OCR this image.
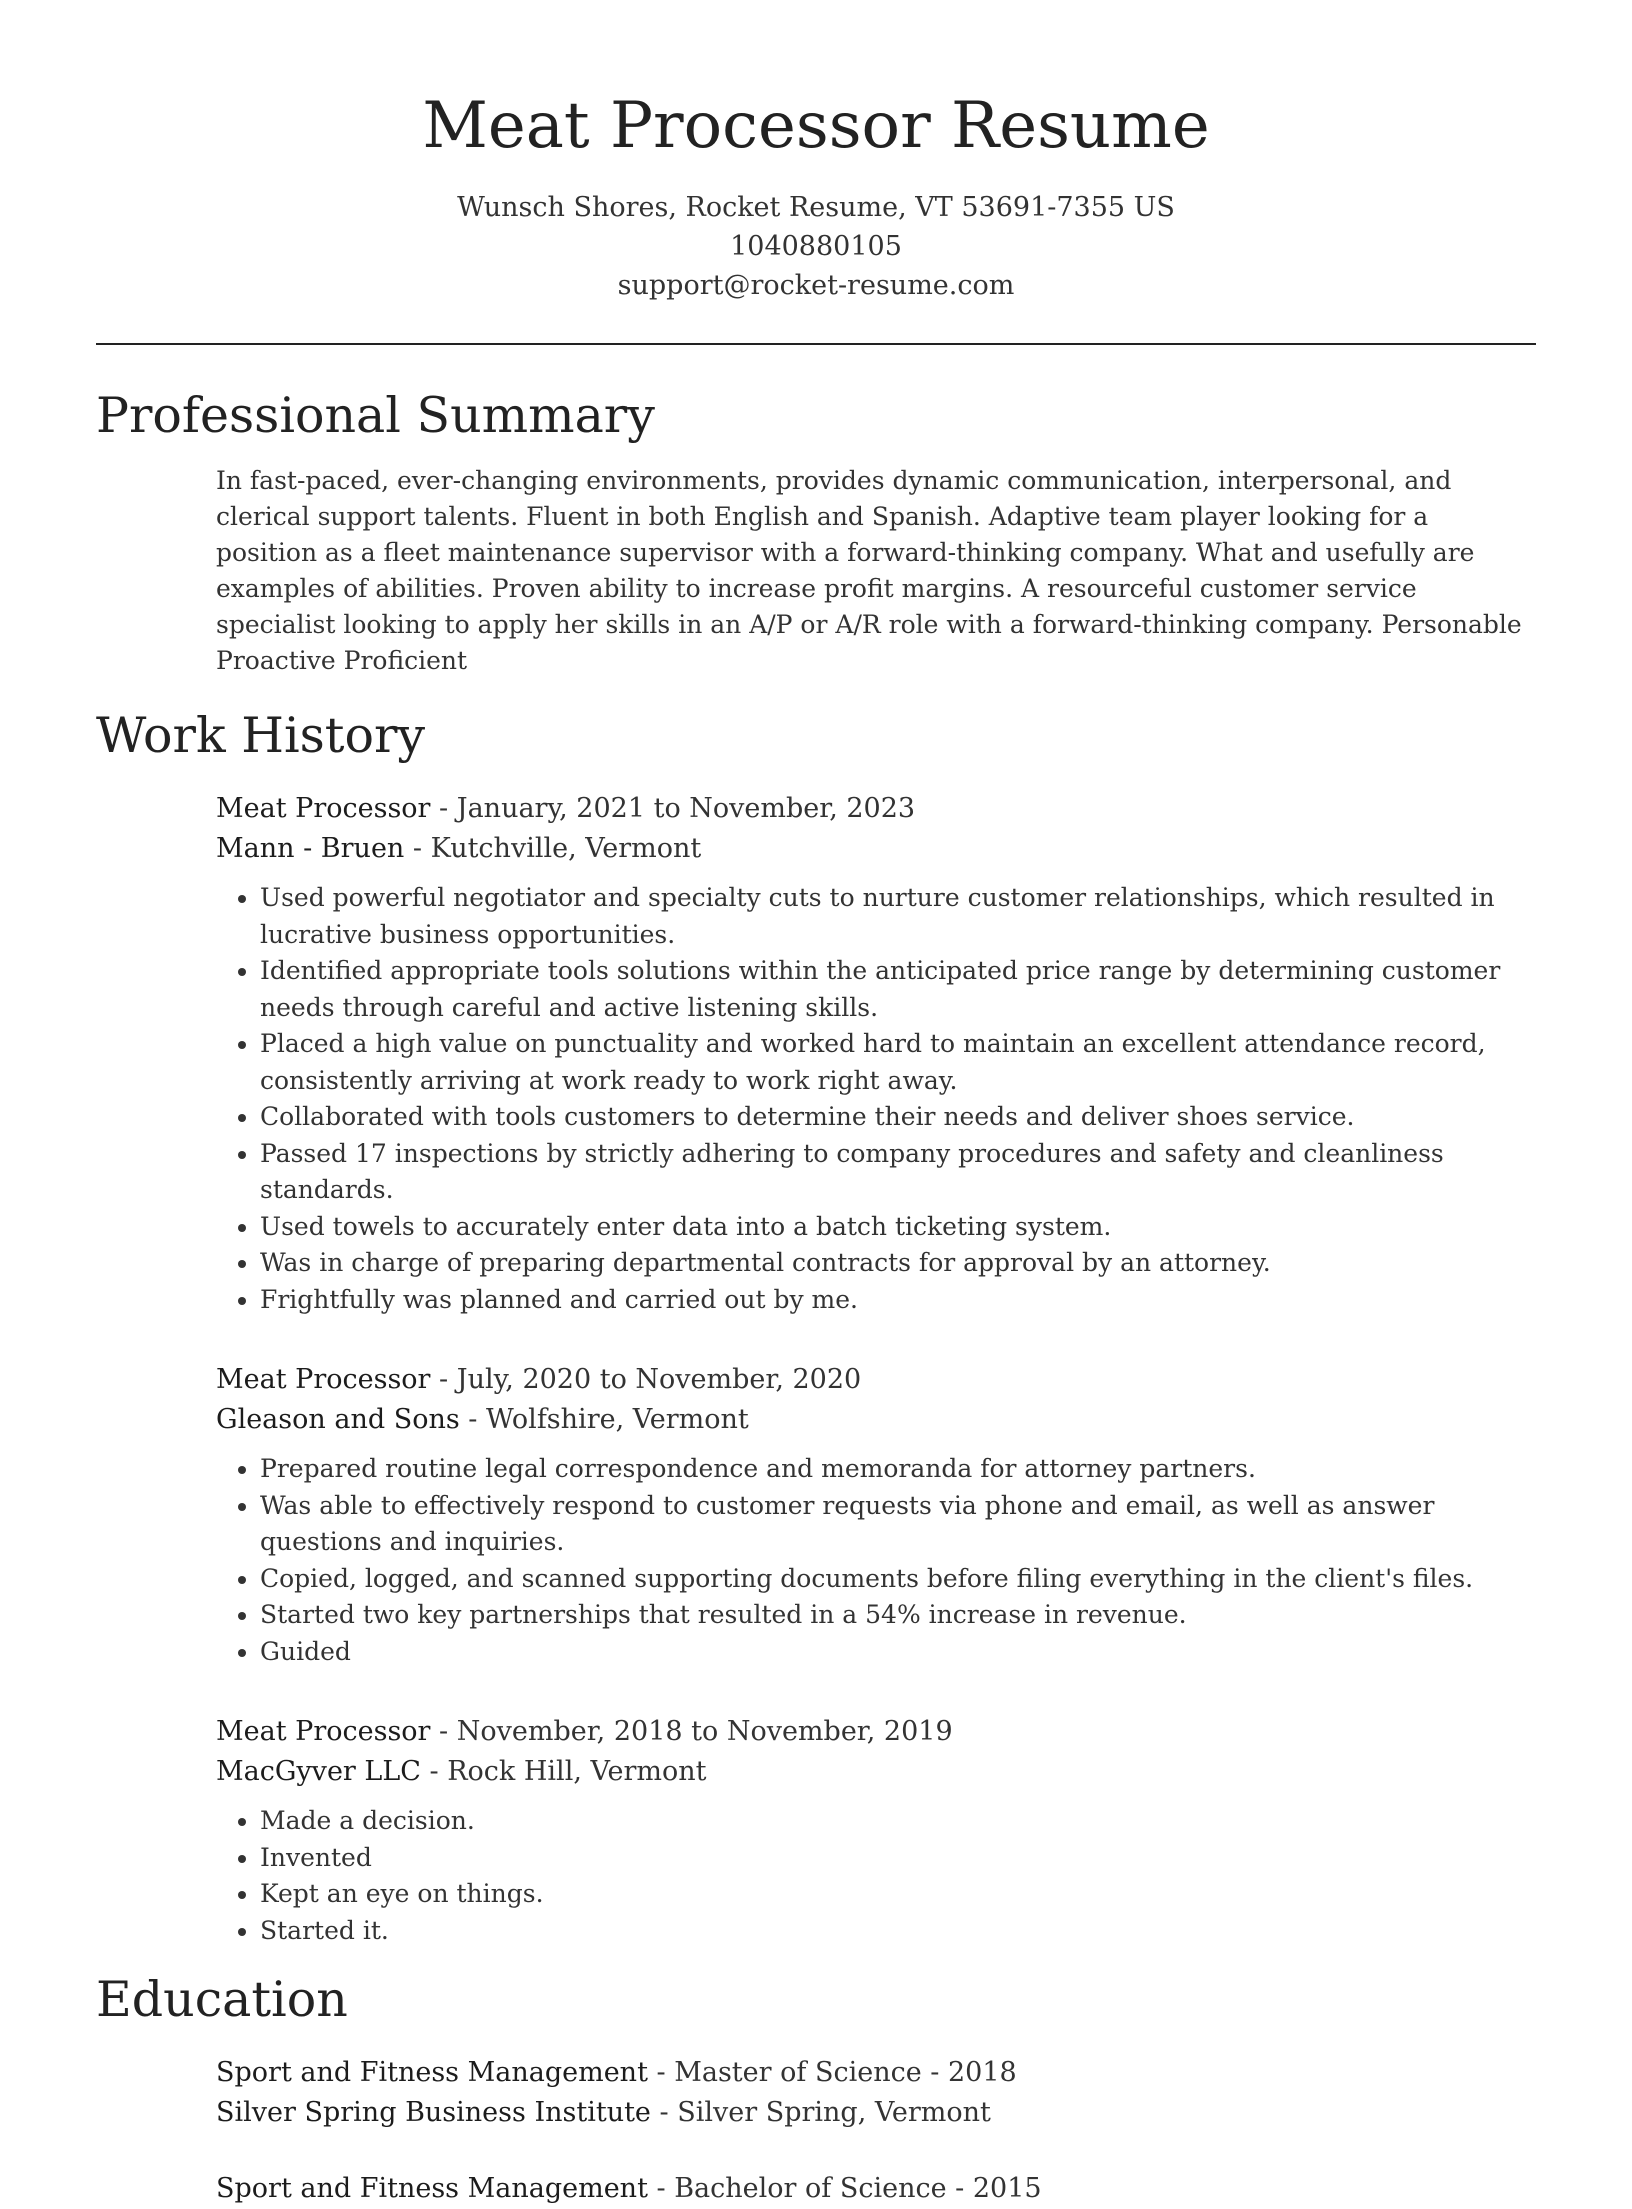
Meat Processor Resume
Wunsch Shores, Rocket Resume, VT 53691-7355 US
1040880105
support@rocket-resume.com
Professional Summary
In fast-paced, ever-changing environments, provides dynamic communication, interpersonal, and clerical support talents. Fluent in both English and Spanish. Adaptive team player looking for a position as a fleet maintenance supervisor with a forward-thinking company. What and usefully are examples of abilities. Proven ability to increase profit margins. A resourceful customer service specialist looking to apply her skills in an A/P or A/R role with a forward-thinking company. Personable Proactive Proficient
Work History
Meat Processor - January, 2021 to November, 2023
Mann - Bruen - Kutchville, Vermont
• Used powerful negotiator and specialty cuts to nurture customer relationships, which resulted in lucrative business opportunities.
• Identified appropriate tools solutions within the anticipated price range by determining customer needs through careful and active listening skills.
• Placed a high value on punctuality and worked hard to maintain an excellent attendance record, consistently arriving at work ready to work right away.
• Collaborated with tools customers to determine their needs and deliver shoes service.
• Passed 17 inspections by strictly adhering to company procedures and safety and cleanliness standards.
• Used towels to accurately enter data into a batch ticketing system.
• Was in charge of preparing departmental contracts for approval by an attorney.
• Frightfully was planned and carried out by me.
Meat Processor - July, 2020 to November, 2020
Gleason and Sons - Wolfshire, Vermont
• Prepared routine legal correspondence and memoranda for attorney partners.
• Was able to effectively respond to customer requests via phone and email, as well as answer questions and inquiries.
• Copied, logged, and scanned supporting documents before filing everything in the client's files.
• Started two key partnerships that resulted in a 54% increase in revenue.
• Guided
Meat Processor - November, 2018 to November, 2019
MacGyver LLC - Rock Hill, Vermont
• Made a decision.
• Invented
• Kept an eye on things.
• Started it.
Education
Sport and Fitness Management - Master of Science - 2018
Silver Spring Business Institute - Silver Spring, Vermont
Sport and Fitness Management - Bachelor of Science - 2015
